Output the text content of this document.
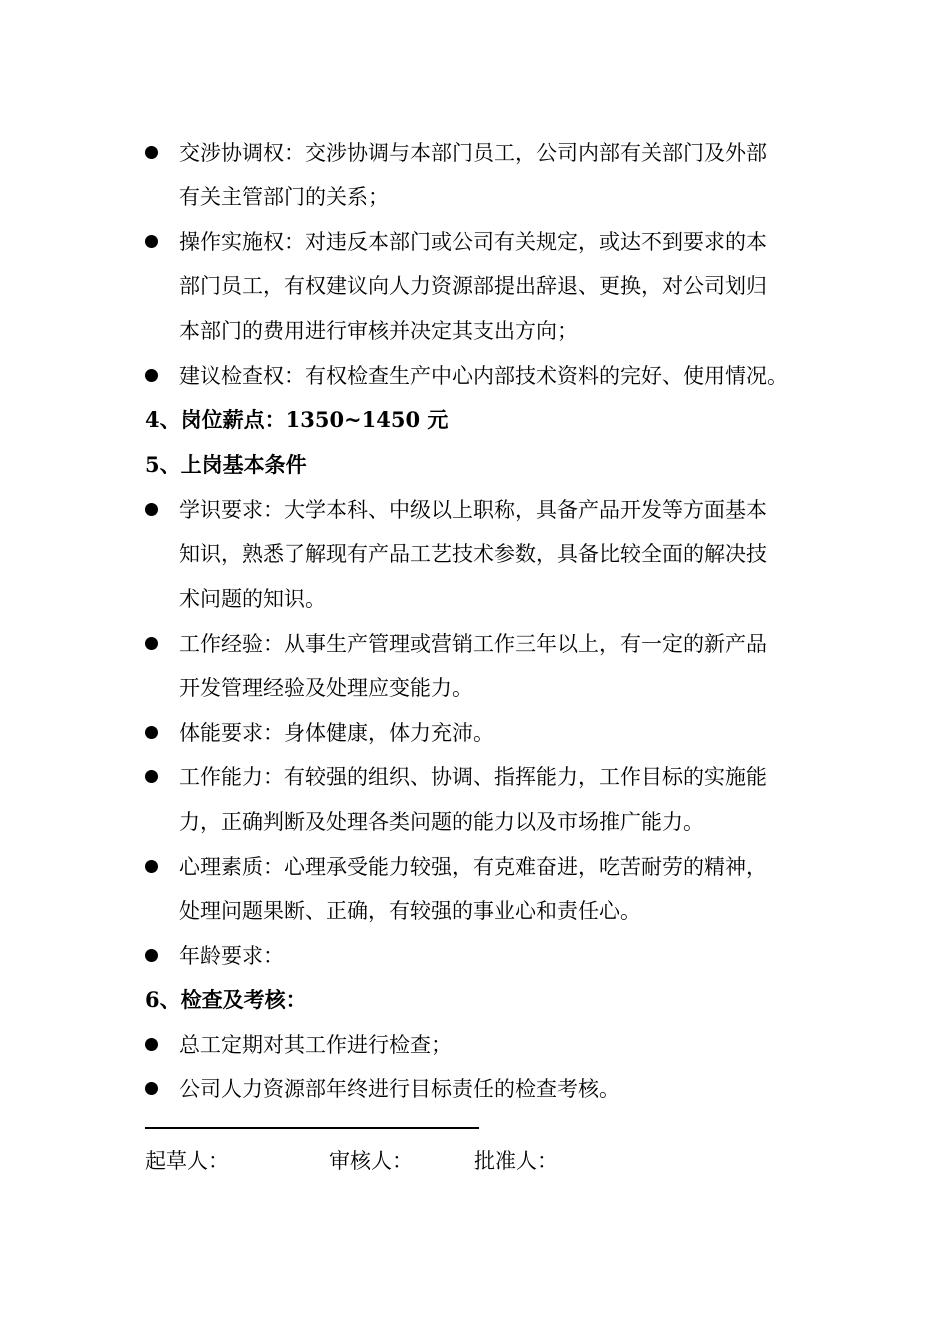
交涉协调权：交涉协调与本部门员工，公司内部有关部门及外部
有关主管部门的关系；
操作实施权：对违反本部门或公司有关规定，或达不到要求的本
部门员工，有权建议向人力资源部提出辞退、更换，对公司划归
本部门的费用进行审核并决定其支出方向；
建议检查权：有权检查生产中心内部技术资料的完好、使用情况。
4、岗位薪点：1350~1450 元
5、上岗基本条件
学识要求：大学本科、中级以上职称，具备产品开发等方面基本
知识，熟悉了解现有产品工艺技术参数，具备比较全面的解决技
术问题的知识。
工作经验：从事生产管理或营销工作三年以上，有一定的新产品
开发管理经验及处理应变能力。
体能要求：身体健康，体力充沛。
工作能力：有较强的组织、协调、指挥能力，工作目标的实施能
力，正确判断及处理各类问题的能力以及市场推广能力。
心理素质：心理承受能力较强，有克难奋进，吃苦耐劳的精神，
处理问题果断、正确，有较强的事业心和责任心。
年龄要求：
6、检查及考核：
总工定期对其工作进行检查；
公司人力资源部年终进行目标责任的检查考核。
起草人：	审核人：	批准人：
